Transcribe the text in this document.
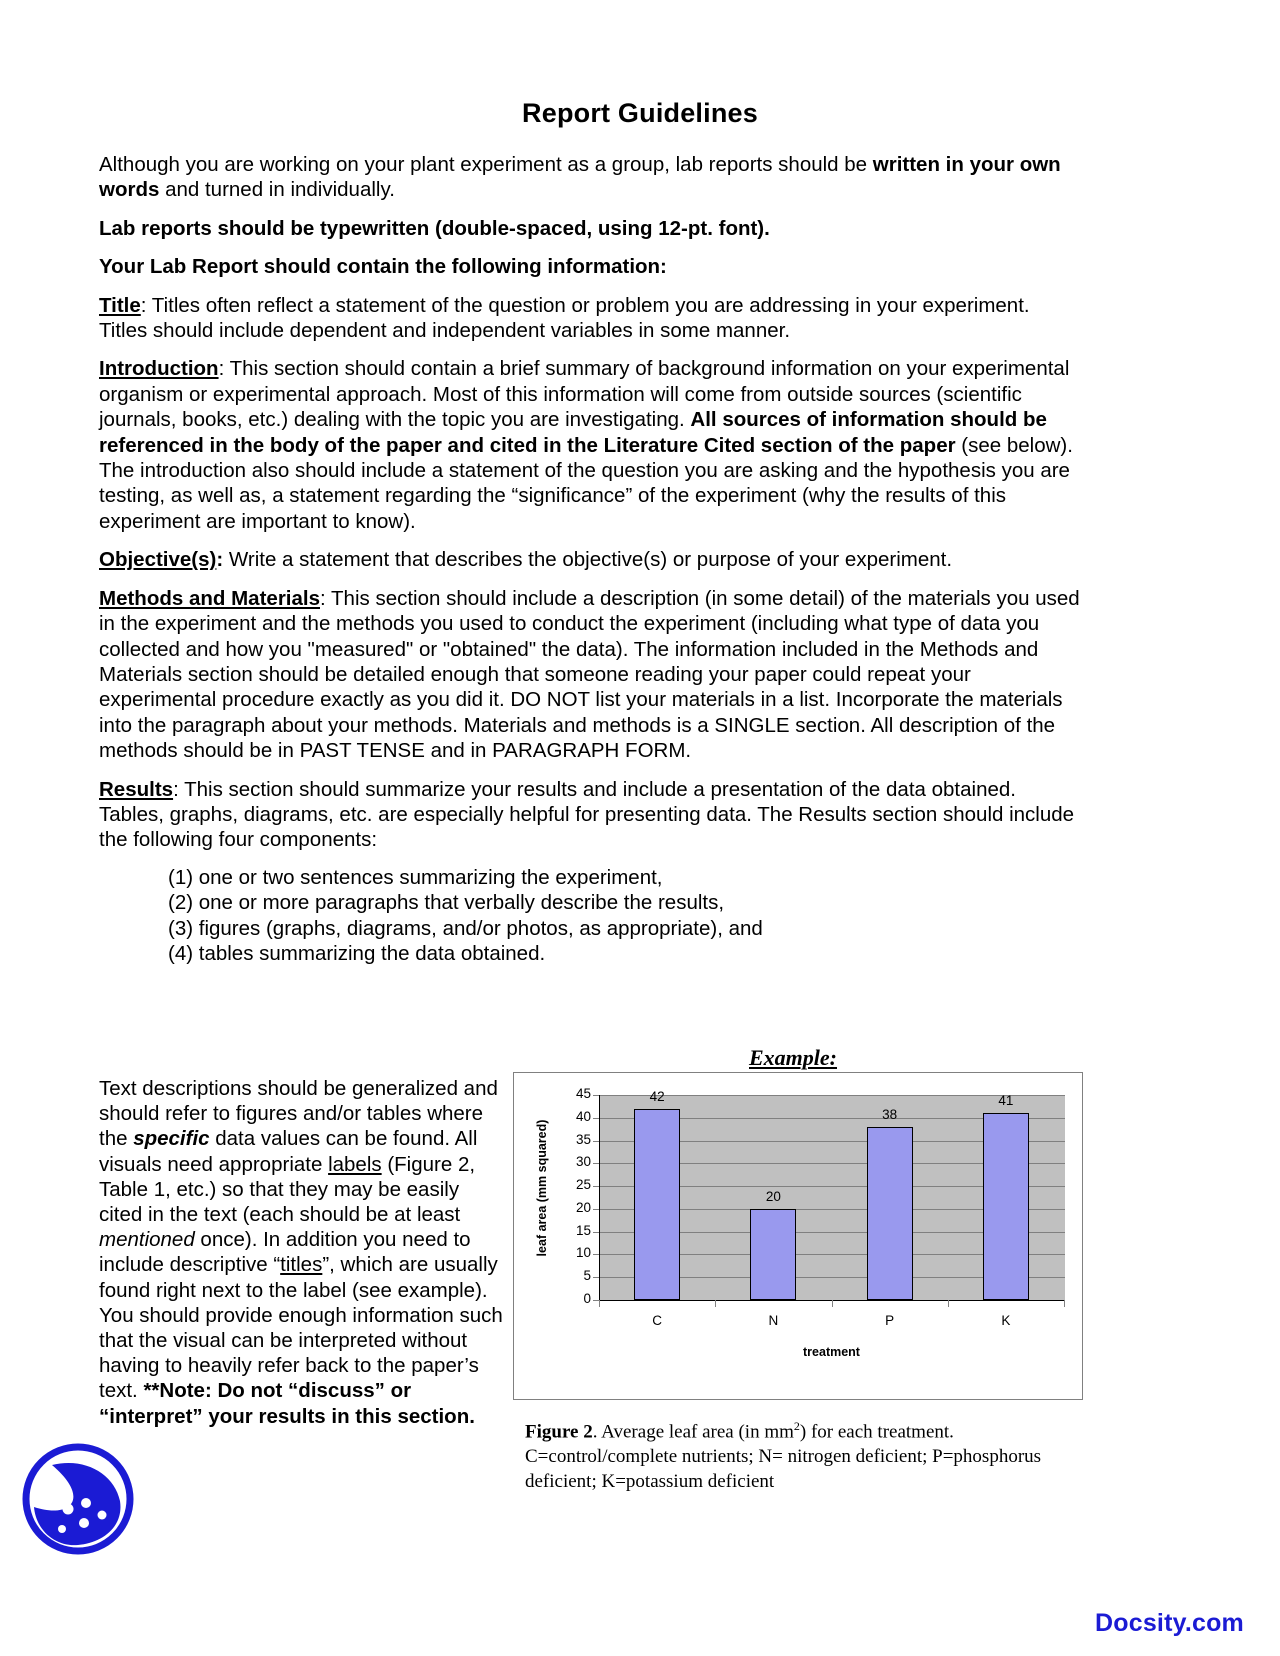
Report Guidelines

Although you are working on your plant experiment as a group, lab reports should be written in your own words and turned in individually.

Lab reports should be typewritten (double-spaced, using 12-pt. font).

Your Lab Report should contain the following information:

Title: Titles often reflect a statement of the question or problem you are addressing in your experiment. Titles should include dependent and independent variables in some manner.

Introduction: This section should contain a brief summary of background information on your experimental organism or experimental approach. Most of this information will come from outside sources (scientific journals, books, etc.) dealing with the topic you are investigating. All sources of information should be referenced in the body of the paper and cited in the Literature Cited section of the paper (see below). The introduction also should include a statement of the question you are asking and the hypothesis you are testing, as well as, a statement regarding the “significance” of the experiment (why the results of this experiment are important to know).

Objective(s): Write a statement that describes the objective(s) or purpose of your experiment.

Methods and Materials: This section should include a description (in some detail) of the materials you used in the experiment and the methods you used to conduct the experiment (including what type of data you collected and how you "measured" or "obtained" the data). The information included in the Methods and Materials section should be detailed enough that someone reading your paper could repeat your experimental procedure exactly as you did it. DO NOT list your materials in a list. Incorporate the materials into the paragraph about your methods. Materials and methods is a SINGLE section. All description of the methods should be in PAST TENSE and in PARAGRAPH FORM.

Results: This section should summarize your results and include a presentation of the data obtained. Tables, graphs, diagrams, etc. are especially helpful for presenting data. The Results section should include the following four components:

(1) one or two sentences summarizing the experiment,
(2) one or more paragraphs that verbally describe the results,
(3) figures (graphs, diagrams, and/or photos, as appropriate), and
(4) tables summarizing the data obtained.
Example:

Text descriptions should be generalized and should refer to figures and/or tables where the specific data values can be found. All visuals need appropriate labels (Figure 2, Table 1, etc.) so that they may be easily cited in the text (each should be at least mentioned once). In addition you need to include descriptive “titles”, which are usually found right next to the label (see example). You should provide enough information such that the visual can be interpreted without having to heavily refer back to the paper’s text. **Note: Do not “discuss” or “interpret” your results in this section.

leaf area (mm squared)
0
5
10
15
20
25
30
35
40
45	42
20
38
41
C	N	P	K
treatment
Figure 2. Average leaf area (in $mm^2$) for each treatment.
C=control/complete nutrients; N= nitrogen deficient; P=phosphorus deficient; K=potassium deficient
Docsity.com
